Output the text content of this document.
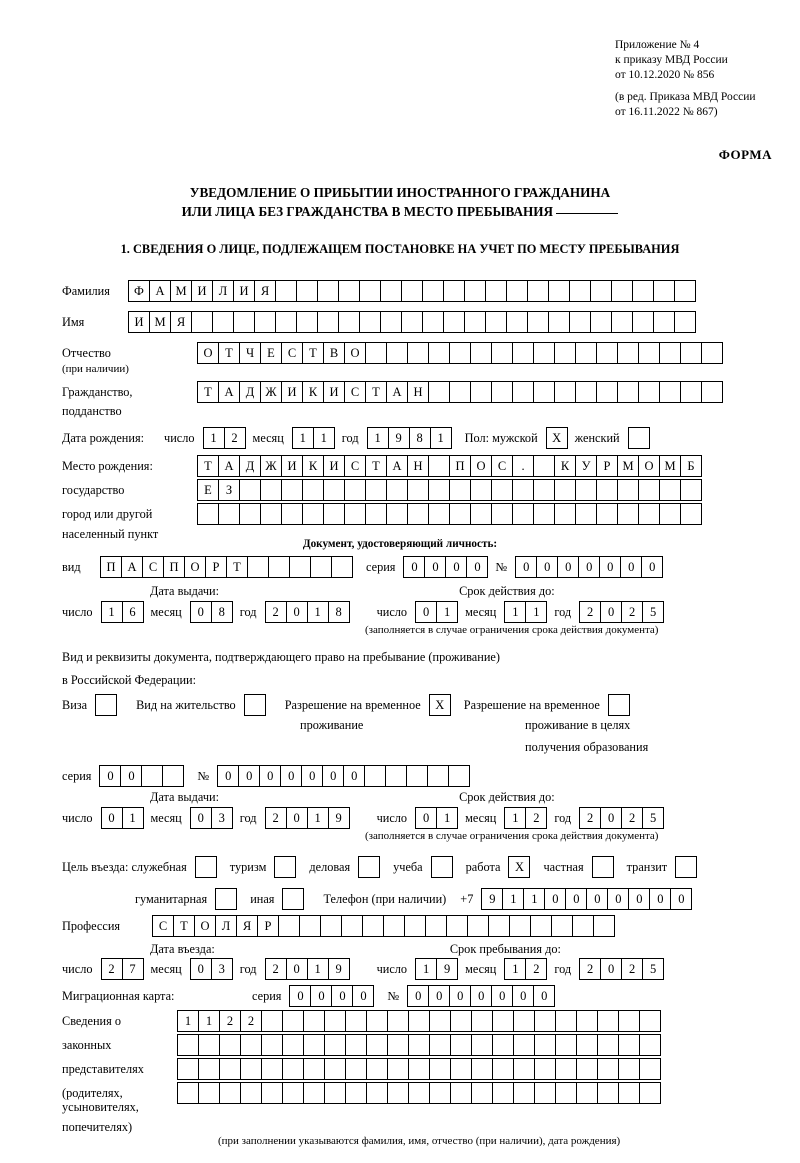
Приложение № 4
к приказу МВД России
от 10.12.2020 № 856
(в ред. Приказа МВД России
от 16.11.2022 № 867)
ФОРМА
УВЕДОМЛЕНИЕ О ПРИБЫТИИ ИНОСТРАННОГО ГРАЖДАНИНА
ИЛИ ЛИЦА БЕЗ ГРАЖДАНСТВА В МЕСТО ПРЕБЫВАНИЯ
1. СВЕДЕНИЯ О ЛИЦЕ, ПОДЛЕЖАЩЕМ ПОСТАНОВКЕ НА УЧЕТ ПО МЕСТУ ПРЕБЫВАНИЯ
Фамилия	Ф А М И Л И Я
Имя	И М Я
Отчество	О	Т	Ч	Е	С	Т	В О
(при наличии)
Гражданство,	Т	А Д Ж И К И С	Т	А Н
подданство
Дата рождения: число	1	2	месяц	1	1	год	1	9	8	1	Пол: мужской	X	женский
Место рождения:	Т	А Д Ж И К И С	Т	А Н	П О С	.	К У	Р М О М Б
государство	Е	З
город или другой
населенный пункт
Документ, удостоверяющий личность:
вид	П А С П О	Р	Т	серия	0	0	0	0	№	0	0	0	0	0	0	0
Дата выдачи:	Срок действия до:
число	1	6	месяц	0	8	год	2	0	1	8	число	0	1	месяц	1	1	год	2	0	2	5
(заполняется в случае ограничения срока действия документа)
Вид и реквизиты документа, подтверждающего право на пребывание (проживание)
в Российской Федерации:
Виза	Вид на жительство	Разрешение на временное	X	Разрешение на временное
проживание	проживание в целях
получения образования
серия	0	0	№	0	0	0	0	0	0	0
Дата выдачи:	Срок действия до:
число	0	1	месяц	0	3	год	2	0	1	9	число	0	1	месяц	1	2	год	2	0	2	5
(заполняется в случае ограничения срока действия документа)
Цель въезда: служебная	туризм	деловая	учеба	работа	X	частная	транзит
гуманитарная	иная	Телефон (при наличии) +7	9	1	1	0	0	0	0	0	0	0
Профессия	С	Т	О Л	Я	Р
Дата въезда:	Срок пребывания до:
число	2	7	месяц	0	3	год	2	0	1	9	число	1	9	месяц	1	2	год	2	0	2	5
Миграционная карта:	серия	0	0	0	0	№	0	0	0	0	0	0	0
Сведения о	1	1	2	2
законных
представителях
(родителях,
усыновителях,
попечителях)
(при заполнении указываются фамилия, имя, отчество (при наличии), дата рождения)
